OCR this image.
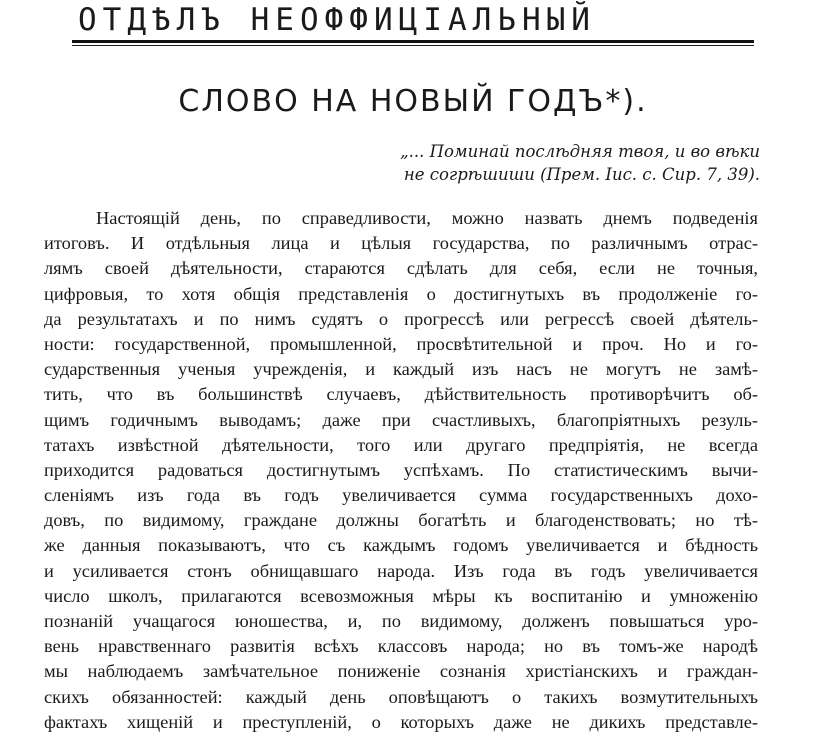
ОТДѢЛЪ НЕОФФИЦІАЛЬНЫЙ
СЛОВО НА НОВЫЙ ГОДЪ*).
„... Поминай послѣдняя твоя, и во вѣки
не согрѣшиши (Прем. Іис. с. Сир. 7, 39).
Настоящій день, по справедливости, можно назвать днемъ подведенія
итоговъ. И отдѣльныя лица и цѣлыя государства, по различнымъ отрас-
лямъ своей дѣятельности, стараются сдѣлать для себя, если не точныя,
цифровыя, то хотя общія представленія о достигнутыхъ въ продолженіе го-
да результатахъ и по нимъ судятъ о прогрессѣ или регрессѣ своей дѣятель-
ности: государственной, промышленной, просвѣтительной и проч. Но и го-
сударственныя ученыя учрежденія, и каждый изъ насъ не могутъ не замѣ-
тить, что въ большинствѣ случаевъ, дѣйствительность противорѣчитъ об-
щимъ годичнымъ выводамъ; даже при счастливыхъ, благопріятныхъ резуль-
татахъ извѣстной дѣятельности, того или другаго предпріятія, не всегда
приходится радоваться достигнутымъ успѣхамъ. По статистическимъ вычи-
сленіямъ изъ года въ годъ увеличивается сумма государственныхъ дохо-
довъ, по видимому, граждане должны богатѣть и благоденствовать; но тѣ-
же данныя показываютъ, что съ каждымъ годомъ увеличивается и бѣдность
и усиливается стонъ обнищавшаго народа. Изъ года въ годъ увеличивается
число школъ, прилагаются всевозможныя мѣры къ воспитанію и умноженію
познаній учащагося юношества, и, по видимому, долженъ повышаться уро-
вень нравственнаго развитія всѣхъ классовъ народа; но въ томъ-же народѣ
мы наблюдаемъ замѣчательное понижeніе сознанія христіанскихъ и граждан-
скихъ обязанностей: каждый день оповѣщаютъ о такихъ возмутительныхъ
фактахъ хищеній и преступленій, о которыхъ даже не дикихъ представле-
